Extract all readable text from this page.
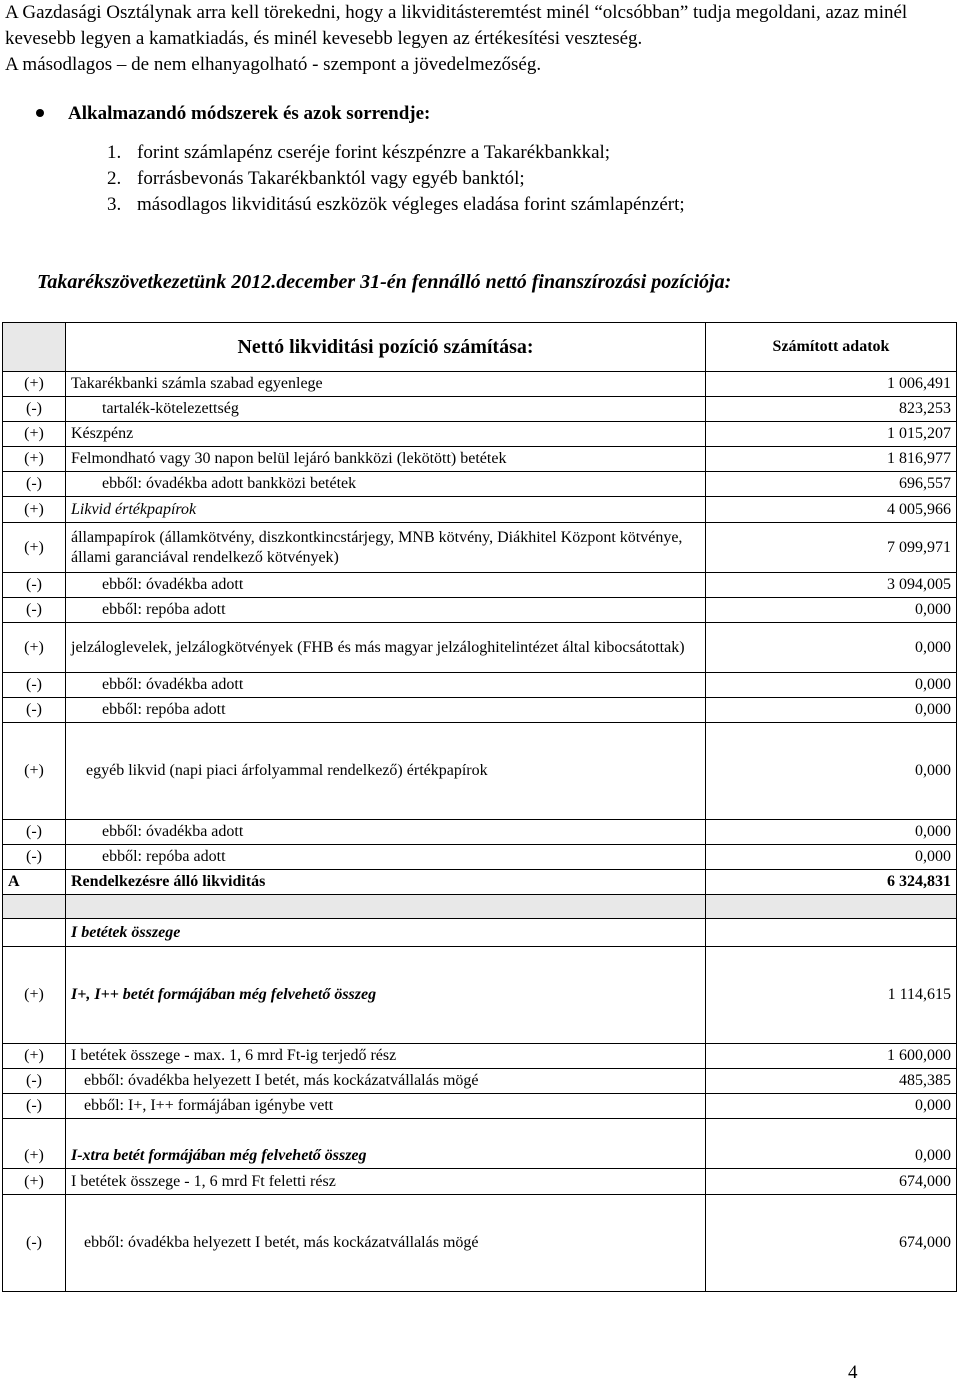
A Gazdasági Osztálynak arra kell törekedni, hogy a likviditásteremtést minél “olcsóbban” tudja megoldani, azaz minél kevesebb legyen a kamatkiadás, és minél kevesebb legyen az értékesítési veszteség.

A másodlagos – de nem elhanyagolható - szempont a jövedelmezőség.

Alkalmazandó módszerek és azok sorrendje:
1. forint számlapénz cseréje forint készpénzre a Takarékbankkal;
2. forrásbevonás Takarékbanktól vagy egyéb banktól;
3. másodlagos likviditású eszközök végleges eladása forint számlapénzért;
Takarékszövetkezetünk 2012.december 31-én fennálló nettó finanszírozási pozíciója:
	Nettó likviditási pozíció számítása:	Számított adatok
(+)	Takarékbanki számla szabad egyenlege	1 006,491
(-)	tartalék-kötelezettség	823,253
(+)	Készpénz	1 015,207
(+)	Felmondható vagy 30 napon belül lejáró bankközi (lekötött) betétek	1 816,977
(-)	ebből: óvadékba adott bankközi betétek	696,557
(+)	Likvid értékpapírok	4 005,966
(+)	állampapírok (államkötvény, diszkontkincstárjegy, MNB kötvény, Diákhitel Központ kötvénye, állami garanciával rendelkező kötvények)	7 099,971
(-)	ebből: óvadékba adott	3 094,005
(-)	ebből: repóba adott	0,000
(+)	jelzáloglevelek, jelzálogkötvények (FHB és más magyar jelzáloghitelintézet által kibocsátottak)	0,000
(-)	ebből: óvadékba adott	0,000
(-)	ebből: repóba adott	0,000
(+)	egyéb likvid (napi piaci árfolyammal rendelkező) értékpapírok	0,000
(-)	ebből: óvadékba adott	0,000
(-)	ebből: repóba adott	0,000
A	Rendelkezésre álló likviditás	6 324,831

	I betétek összege	
(+)	I+, I++ betét formájában még felvehető összeg	1 114,615
(+)	I betétek összege - max. 1, 6 mrd Ft-ig terjedő rész	1 600,000
(-)	ebből: óvadékba helyezett I betét, más kockázatvállalás mögé	485,385
(-)	ebből: I+, I++ formájában igénybe vett	0,000
(+)	I-xtra betét formájában még felvehető összeg	0,000
(+)	I betétek összege - 1, 6 mrd Ft feletti rész	674,000
(-)	ebből: óvadékba helyezett I betét, más kockázatvállalás mögé	674,000
4
